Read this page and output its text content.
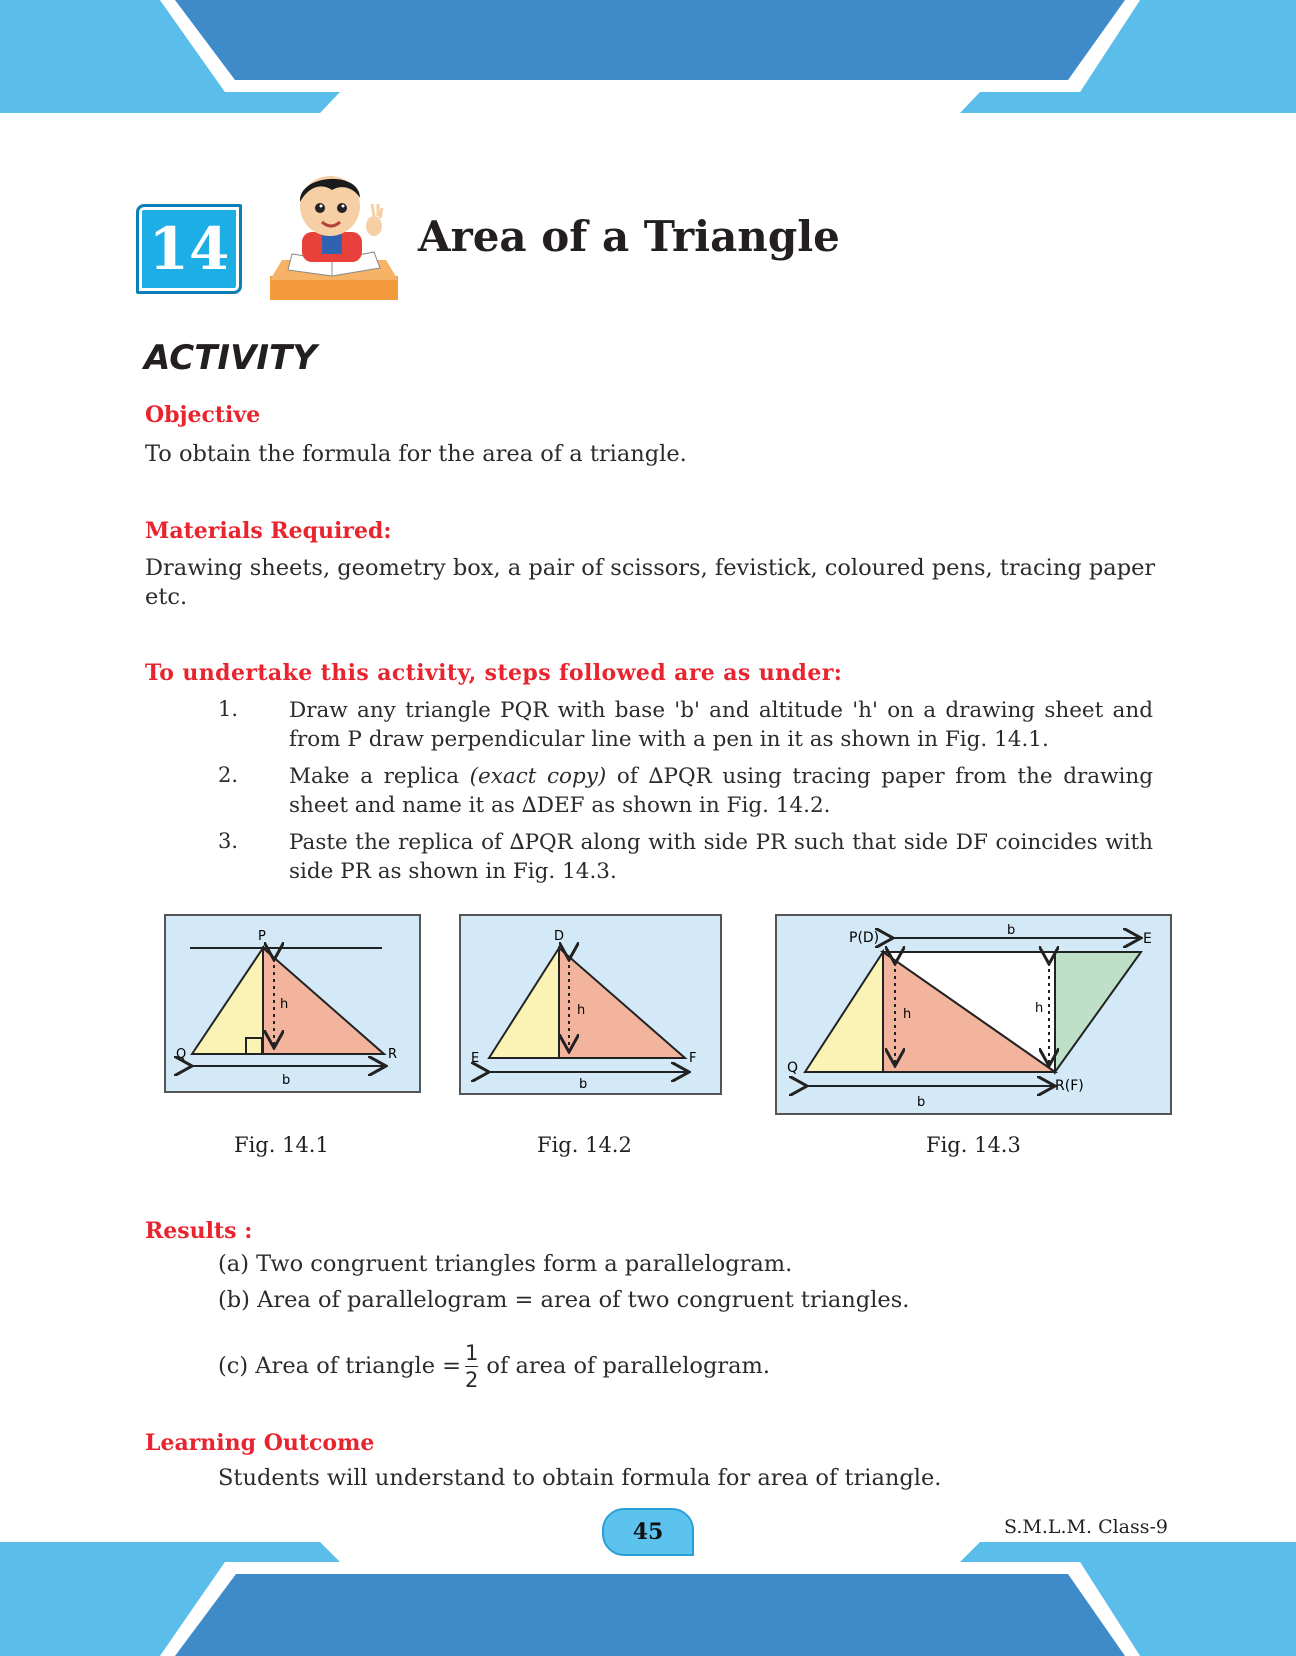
14	Area of a Triangle
ACTIVITY
Objective
To obtain the formula for the area of a triangle.
Materials Required:
Drawing sheets, geometry box, a pair of scissors, fevistick, coloured pens, tracing paper
etc.
To undertake this activity, steps followed are as under:
1. Draw any triangle PQR with base 'b' and altitude 'h' on a drawing sheet and from P draw perpendicular line with a pen in it as shown in Fig. 14.1.
2. Make a replica (exact copy) of ∆PQR using tracing paper from the drawing sheet and name it as ∆DEF as shown in Fig. 14.2.
3. Paste the replica of ∆PQR along with side PR such that side DF coincides with side PR as shown in Fig. 14.3.
P
Q	R
h
b
Fig. 14.1
D
E	F
h
b
Fig. 14.2
P(D)	E
b
Q
R(F)
h	h
b
Fig. 14.3
Results :
(a) Two congruent triangles form a parallelogram.
(b) Area of parallelogram = area of two congruent triangles.
(c) Area of triangle = $\frac{1}{2}$ of area of parallelogram.
Learning Outcome
Students will understand to obtain formula for area of triangle.
45	S.M.L.M. Class-9
